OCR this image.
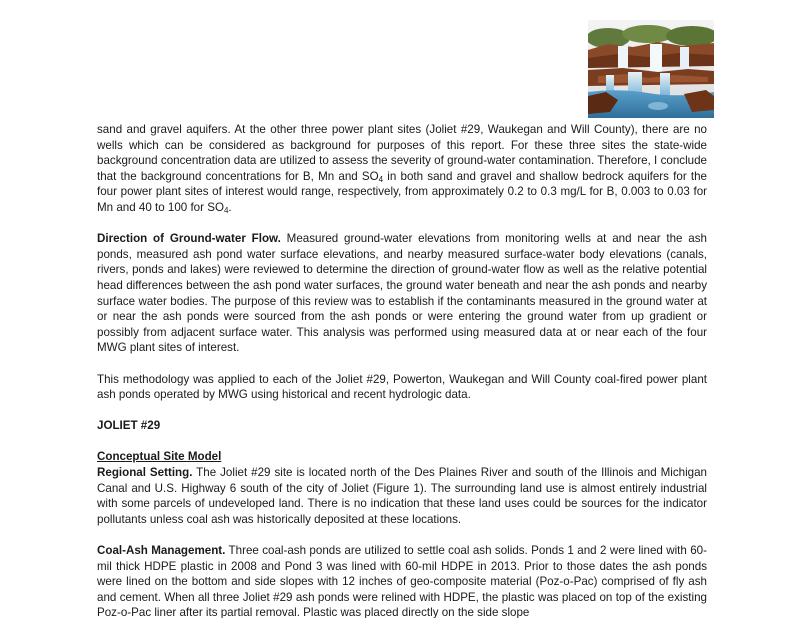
sand and gravel aquifers. At the other three power plant sites (Joliet #29, Waukegan and Will County), there are no wells which can be considered as background for purposes of this report. For these three sites the state-wide background concentration data are utilized to assess the severity of ground-water contamination. Therefore, I conclude that the background concentrations for B, Mn and $SO_4$ in both sand and gravel and shallow bedrock aquifers for the four power plant sites of interest would range, respectively, from approximately 0.2 to 0.3 mg/L for B, 0.003 to 0.03 for Mn and 40 to 100 for $SO_4$.

Direction of Ground-water Flow. Measured ground-water elevations from monitoring wells at and near the ash ponds, measured ash pond water surface elevations, and nearby measured surface-water body elevations (canals, rivers, ponds and lakes) were reviewed to determine the direction of ground-water flow as well as the relative potential head differences between the ash pond water surfaces, the ground water beneath and near the ash ponds and nearby surface water bodies. The purpose of this review was to establish if the contaminants measured in the ground water at or near the ash ponds were sourced from the ash ponds or were entering the ground water from up gradient or possibly from adjacent surface water. This analysis was performed using measured data at or near each of the four MWG plant sites of interest.

This methodology was applied to each of the Joliet #29, Powerton, Waukegan and Will County coal-fired power plant ash ponds operated by MWG using historical and recent hydrologic data.

JOLIET #29

Conceptual Site Model

Regional Setting. The Joliet #29 site is located north of the Des Plaines River and south of the Illinois and Michigan Canal and U.S. Highway 6 south of the city of Joliet (Figure 1). The surrounding land use is almost entirely industrial with some parcels of undeveloped land. There is no indication that these land uses could be sources for the indicator pollutants unless coal ash was historically deposited at these locations.

Coal-Ash Management. Three coal-ash ponds are utilized to settle coal ash solids. Ponds 1 and 2 were lined with 60-mil thick HDPE plastic in 2008 and Pond 3 was lined with 60-mil HDPE in 2013. Prior to those dates the ash ponds were lined on the bottom and side slopes with 12 inches of geo-composite material (Poz-o-Pac) comprised of fly ash and cement. When all three Joliet #29 ash ponds were relined with HDPE, the plastic was placed on top of the existing Poz-o-Pac liner after its partial removal. Plastic was placed directly on the side slope
